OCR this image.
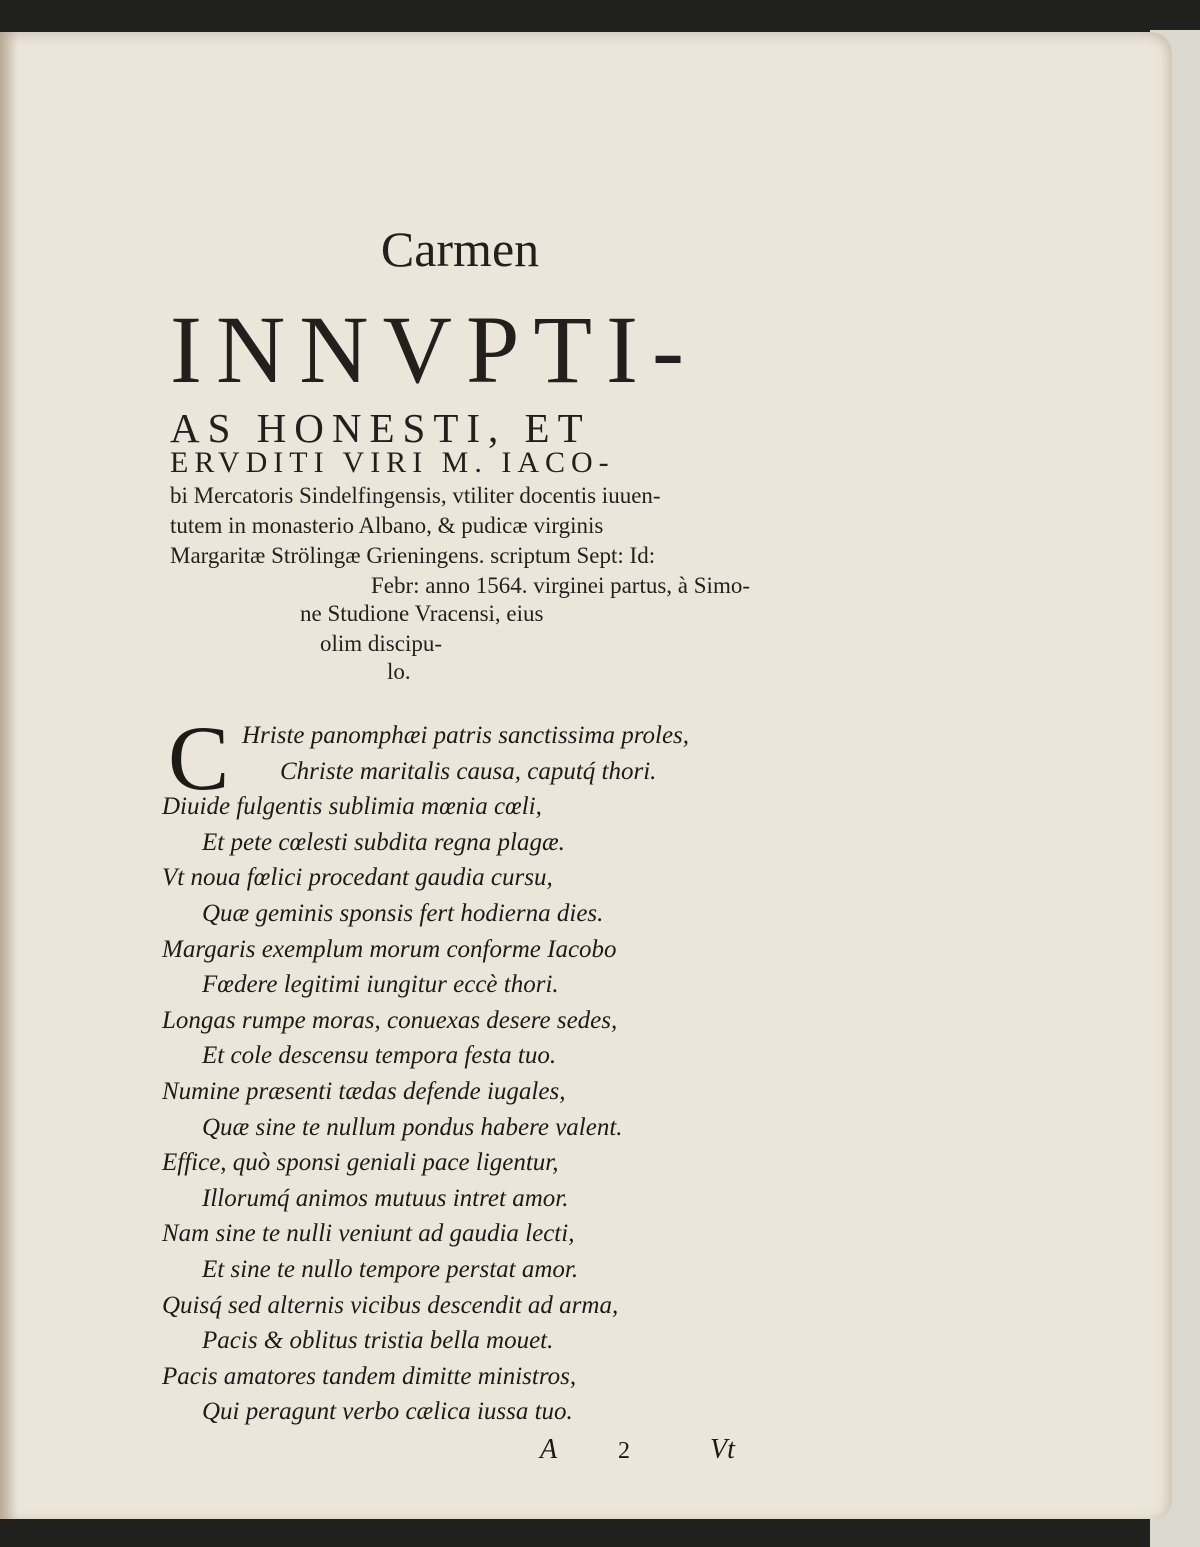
Carmen
INNVPTI-
AS HONESTI, ET
ERVDITI VIRI M. IACO-
bi Mercatoris Sindelfingensis, vtiliter docentis iuuen-
tutem in monasterio Albano, & pudicæ virginis
Margaritæ Strölingæ Grieningens. scriptum Sept: Id:
Febr: anno 1564. virginei partus, à Simo-
ne Studione Vracensi, eius
olim discipu-
lo.
C Hriste panomphæi patris sanctissima proles,
Christe maritalis causa, caputq́ thori.
Diuide fulgentis sublimia mœnia cœli,
Et pete cœlesti subdita regna plagæ.
Vt noua fœlici procedant gaudia cursu,
Quæ geminis sponsis fert hodierna dies.
Margaris exemplum morum conforme Iacobo
Fœdere legitimi iungitur eccè thori.
Longas rumpe moras, conuexas desere sedes,
Et cole descensu tempora festa tuo.
Numine præsenti tædas defende iugales,
Quæ sine te nullum pondus habere valent.
Effice, quò sponsi geniali pace ligentur,
Illorumq́ animos mutuus intret amor.
Nam sine te nulli veniunt ad gaudia lecti,
Et sine te nullo tempore perstat amor.
Quisq́ sed alternis vicibus descendit ad arma,
Pacis & oblitus tristia bella mouet.
Pacis amatores tandem dimitte ministros,
Qui peragunt verbo cælica iussa tuo.
A	2	Vt
